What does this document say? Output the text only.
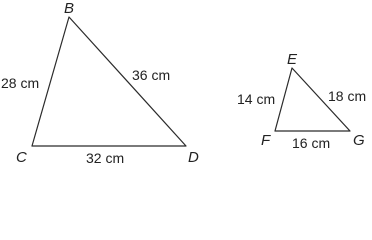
B
C	D
28 cm	36 cm
32 cm
E
F	G
14 cm	18 cm
16 cm
